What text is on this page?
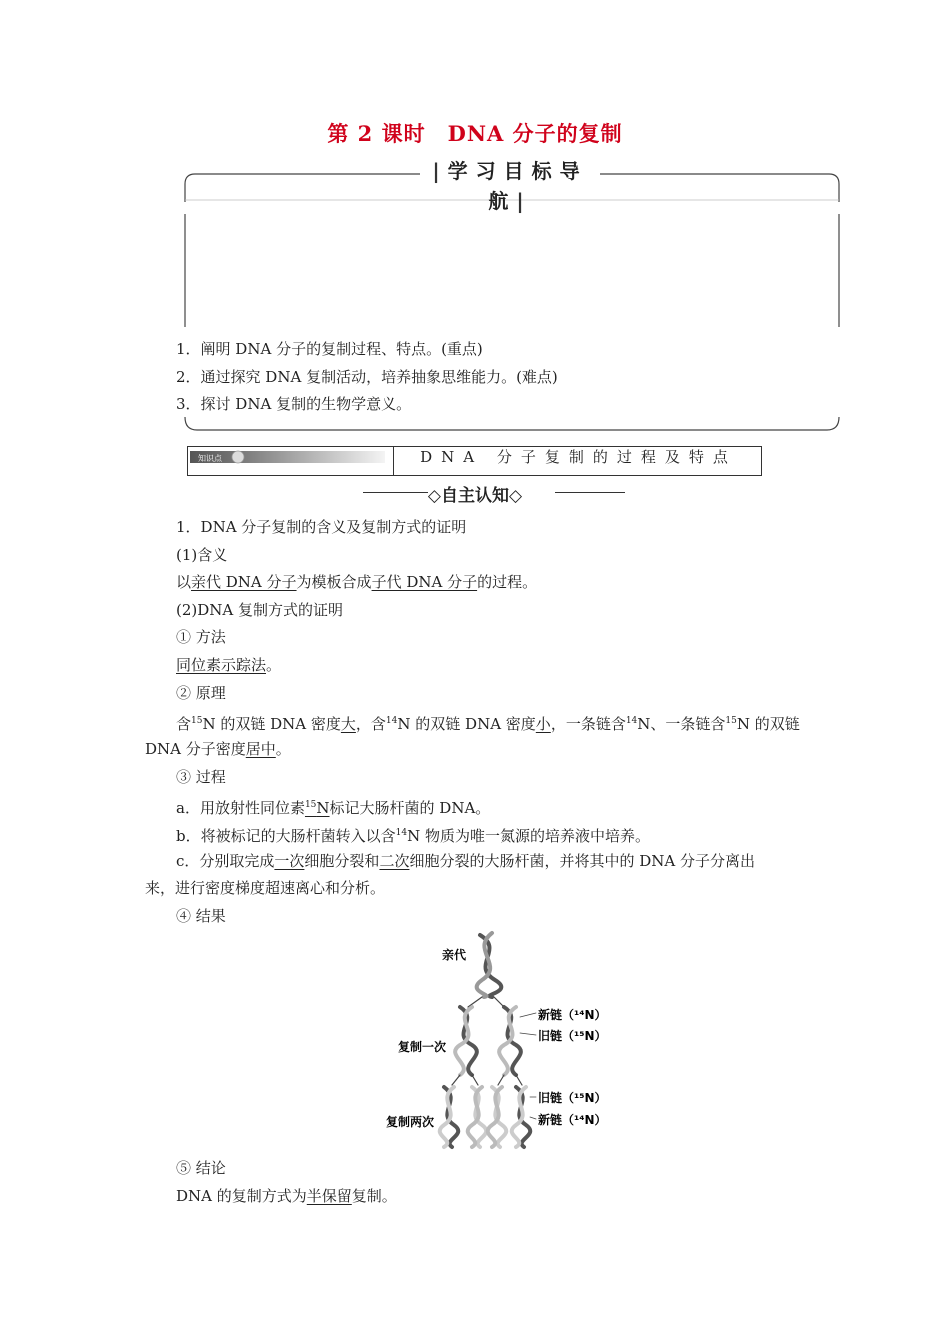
第 2 课时　DNA 分子的复制
|学习目标导航|
1．阐明 DNA 分子的复制过程、特点。(重点)
2．通过探究 DNA 复制活动，培养抽象思维能力。(难点)
3．探讨 DNA 复制的生物学意义。
知识点	DNA 分子复制的过程及特点
◇自主认知◇
1．DNA 分子复制的含义及复制方式的证明
(1)含义
以亲代 DNA 分子为模板合成子代 DNA 分子的过程。
(2)DNA 复制方式的证明
① 方法
同位素示踪法。
② 原理
含$^{15}$N 的双链 DNA 密度大，含$^{14}$N 的双链 DNA 密度小，一条链含$^{14}$N、一条链含$^{15}$N 的双链
DNA 分子密度居中。
③ 过程
a．用放射性同位素$^{15}$N标记大肠杆菌的 DNA。
b．将被标记的大肠杆菌转入以含$^{14}$N 物质为唯一氮源的培养液中培养。
c．分别取完成一次细胞分裂和二次细胞分裂的大肠杆菌，并将其中的 DNA 分子分离出
来，进行密度梯度超速离心和分析。
④ 结果
亲代
复制一次
复制两次
新链（¹⁴N）
旧链（¹⁵N）
旧链（¹⁵N）
新链（¹⁴N）
⑤ 结论
DNA 的复制方式为半保留复制。
